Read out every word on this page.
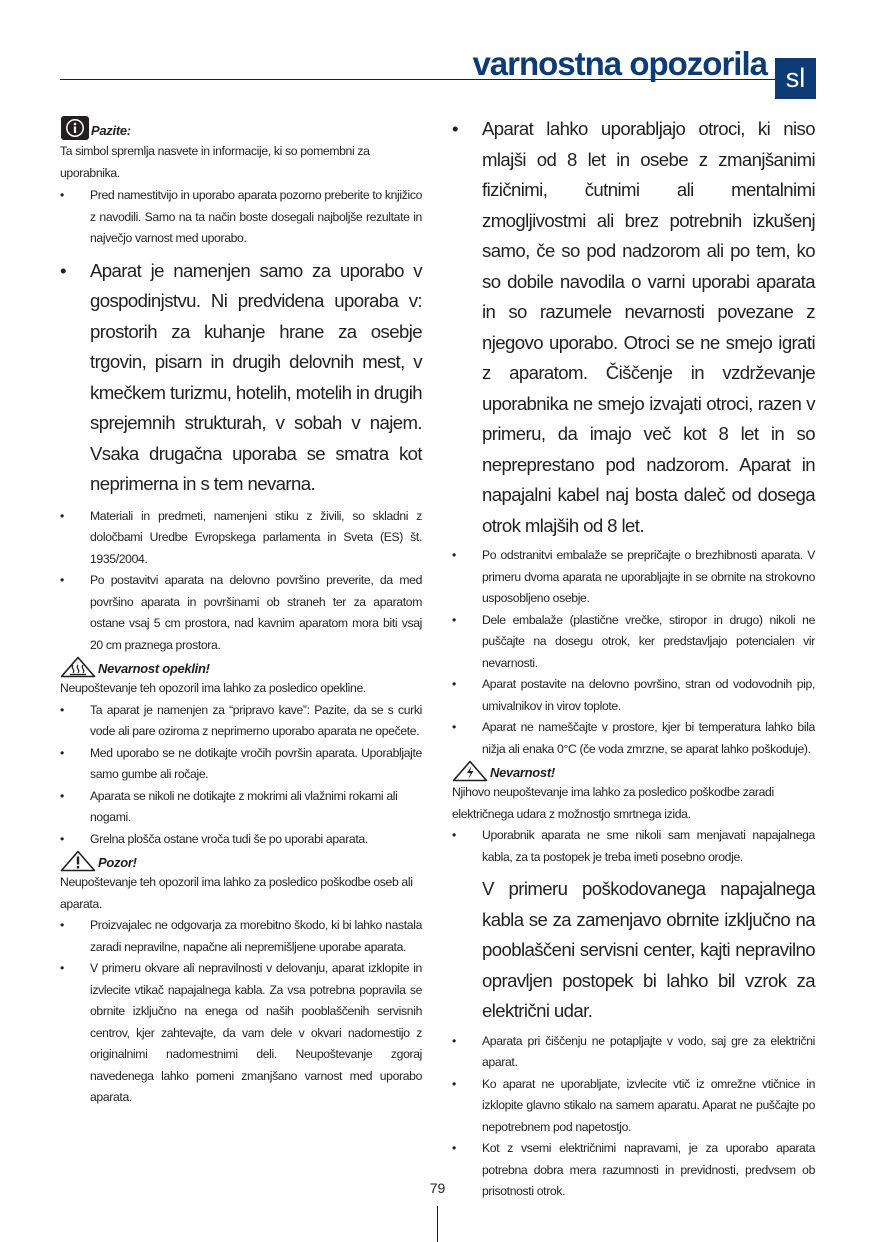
varnostna opozorila sl
Pazite:

Ta simbol spremlja nasvete in informacije, ki so pomembni za uporabnika.

• Pred namestitvijo in uporabo aparata pozorno preberite to knjižico z navodili. Samo na ta način boste dosegali najboljše rezultate in največjo varnost med uporabo.
• Aparat je namenjen samo za uporabo v gospodinjstvu. Ni predvidena uporaba v: prostorih za kuhanje hrane za osebje trgovin, pisarn in drugih delovnih mest, v kmečkem turizmu, hotelih, motelih in drugih sprejemnih strukturah, v sobah v najem. Vsaka drugačna uporaba se smatra kot neprimerna in s tem nevarna.
• Materiali in predmeti, namenjeni stiku z živili, so skladni z določbami Uredbe Evropskega parlamenta in Sveta (ES) št. 1935/2004.
• Po postavitvi aparata na delovno površino preverite, da med površino aparata in površinami ob straneh ter za aparatom ostane vsaj 5 cm prostora, nad kavnim aparatom mora biti vsaj 20 cm praznega prostora.
Nevarnost opeklin!

Neupoštevanje teh opozoril ima lahko za posledico opekline.

• Ta aparat je namenjen za “pripravo kave”: Pazite, da se s curki vode ali pare oziroma z neprimerno uporabo aparata ne opečete.
• Med uporabo se ne dotikajte vročih površin aparata. Uporabljajte samo gumbe ali ročaje.
• Aparata se nikoli ne dotikajte z mokrimi ali vlažnimi rokami ali nogami.
• Grelna plošča ostane vroča tudi še po uporabi aparata.
Pozor!

Neupoštevanje teh opozoril ima lahko za posledico poškodbe oseb ali aparata.

• Proizvajalec ne odgovarja za morebitno škodo, ki bi lahko nastala zaradi nepravilne, napačne ali nepremišljene uporabe aparata.
• V primeru okvare ali nepravilnosti v delovanju, aparat izklopite in izvlecite vtikač napajalnega kabla. Za vsa potrebna popravila se obrnite izključno na enega od naših pooblaščenih servisnih centrov, kjer zahtevajte, da vam dele v okvari nadomestijo z originalnimi nadomestnimi deli. Neupoštevanje zgoraj navedenega lahko pomeni zmanjšano varnost med uporabo aparata.
• Aparat lahko uporabljajo otroci, ki niso mlajši od 8 let in osebe z zmanjšanimi fizičnimi, čutnimi ali mentalnimi zmogljivostmi ali brez potrebnih izkušenj samo, če so pod nadzorom ali po tem, ko so dobile navodila o varni uporabi aparata in so razumele nevarnosti povezane z njegovo uporabo. Otroci se ne smejo igrati z aparatom. Čiščenje in vzdrževanje uporabnika ne smejo izvajati otroci, razen v primeru, da imajo več kot 8 let in so nepreprestano pod nadzorom. Aparat in napajalni kabel naj bosta daleč od dosega otrok mlajših od 8 let.
• Po odstranitvi embalaže se prepričajte o brezhibnosti aparata. V primeru dvoma aparata ne uporabljajte in se obrnite na strokovno usposobljeno osebje.
• Dele embalaže (plastične vrečke, stiropor in drugo) nikoli ne puščajte na dosegu otrok, ker predstavljajo potencialen vir nevarnosti.
• Aparat postavite na delovno površino, stran od vodovodnih pip, umivalnikov in virov toplote.
• Aparat ne nameščajte v prostore, kjer bi temperatura lahko bila nižja ali enaka 0°C (če voda zmrzne, se aparat lahko poškoduje).
Nevarnost!

Njihovo neupoštevanje ima lahko za posledico poškodbe zaradi električnega udara z možnostjo smrtnega izida.

• Uporabnik aparata ne sme nikoli sam menjavati napajalnega kabla, za ta postopek je treba imeti posebno orodje.

V primeru poškodovanega napajalnega kabla se za zamenjavo obrnite izključno na pooblaščeni servisni center, kajti nepravilno opravljen postopek bi lahko bil vzrok za električni udar.

• Aparata pri čiščenju ne potapljajte v vodo, saj gre za električni aparat.
• Ko aparat ne uporabljate, izvlecite vtič iz omrežne vtičnice in izklopite glavno stikalo na samem aparatu. Aparat ne puščajte po nepotrebnem pod napetostjo.
• Kot z vsemi električnimi napravami, je za uporabo aparata potrebna dobra mera razumnosti in previdnosti, predvsem ob prisotnosti otrok.
79
